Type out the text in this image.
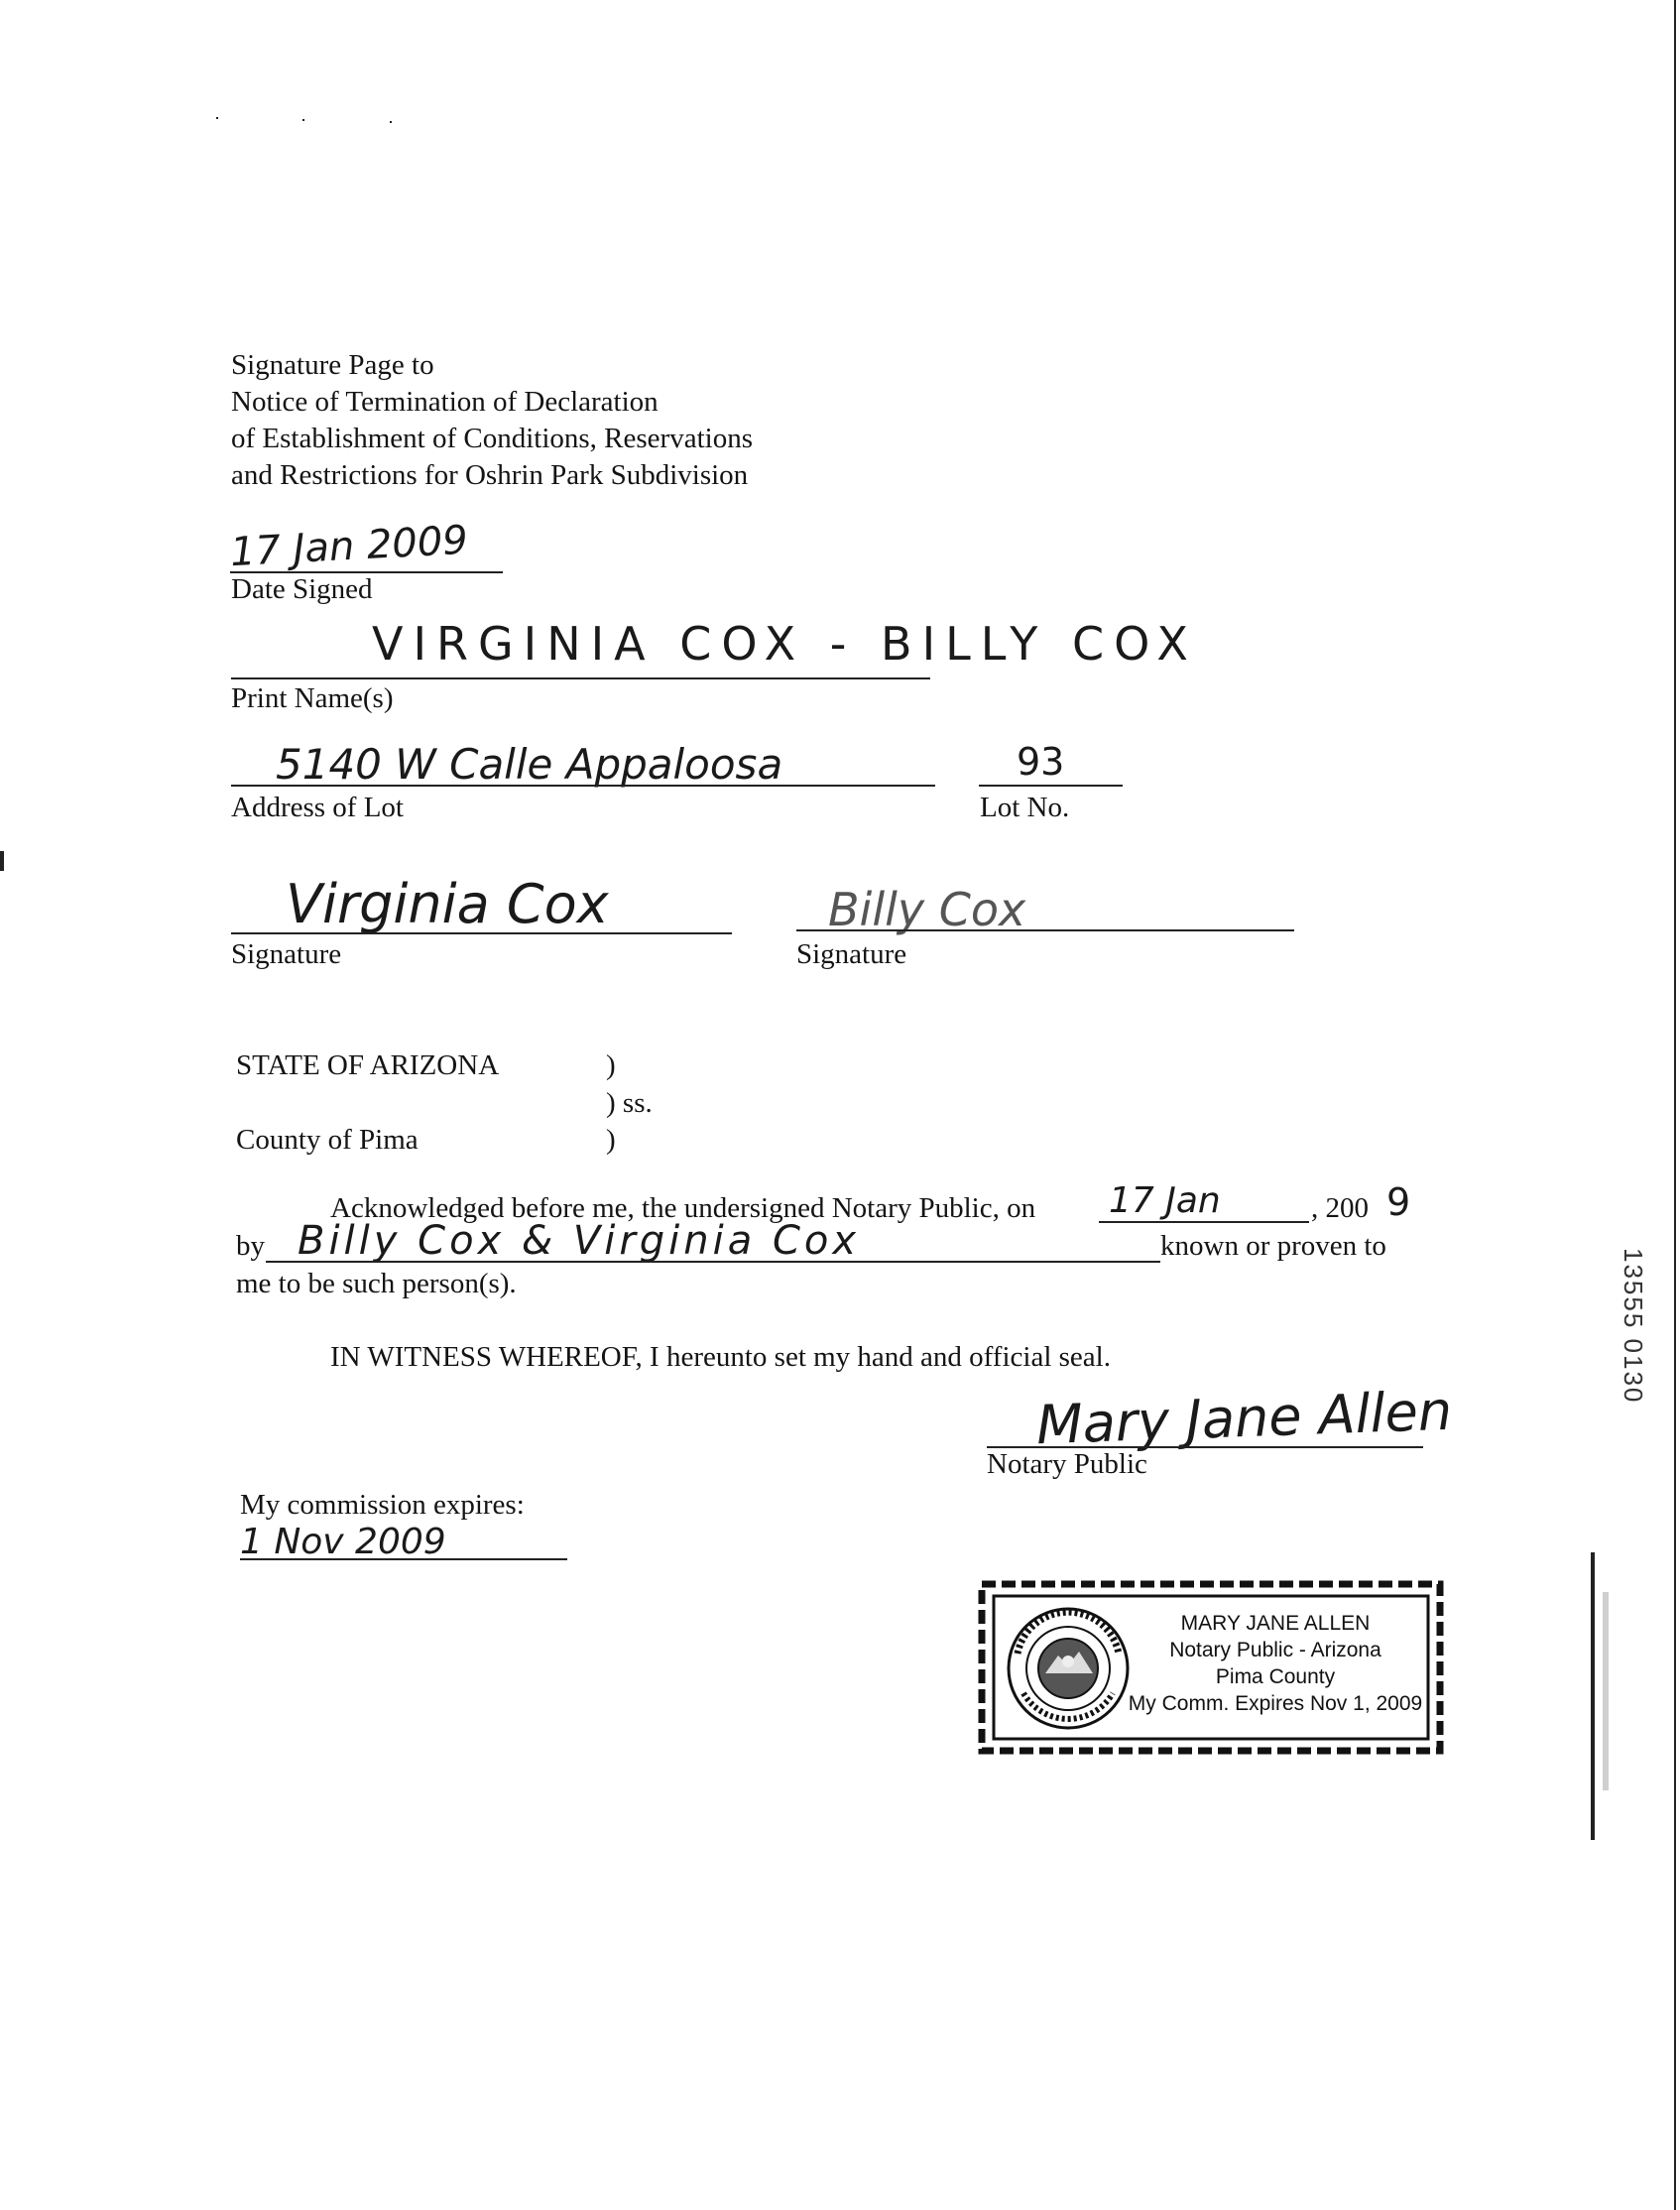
Signature Page to
Notice of Termination of Declaration
of Establishment of Conditions, Reservations
and Restrictions for Oshrin Park Subdivision
17 Jan 2009
Date Signed
VIRGINIA COX - BILLY COX
Print Name(s)
5140 W Calle Appaloosa
Address of Lot
93
Lot No.
Virginia Cox
Signature
Billy Cox
Signature
STATE OF ARIZONA	)
) ss.
County of Pima	)
Acknowledged before me, the undersigned Notary Public, on 17 Jan	, 200 9
by Billy Cox & Virginia Cox	known or proven to
me to be such person(s).
IN WITNESS WHEREOF, I hereunto set my hand and official seal.
Mary Jane Allen
Notary Public
My commission expires:
1 Nov 2009
MARY JANE ALLEN
Notary Public - Arizona
Pima County
My Comm. Expires Nov 1, 2009
13555 0130
